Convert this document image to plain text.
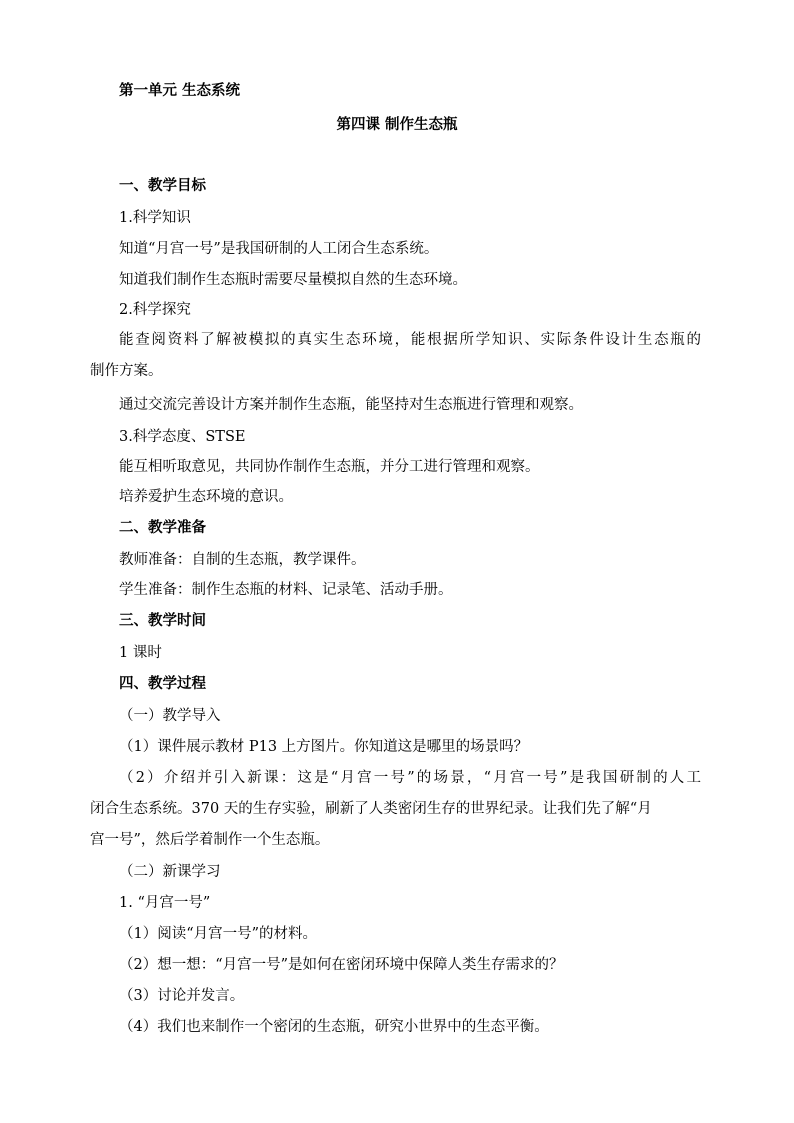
第一单元 生态系统
第四课 制作生态瓶
一、教学目标
1.科学知识
知道“月宫一号”是我国研制的人工闭合生态系统。
知道我们制作生态瓶时需要尽量模拟自然的生态环境。
2.科学探究
能查阅资料了解被模拟的真实生态环境，能根据所学知识、实际条件设计生态瓶的
制作方案。
通过交流完善设计方案并制作生态瓶，能坚持对生态瓶进行管理和观察。
3.科学态度、STSE
能互相听取意见，共同协作制作生态瓶，并分工进行管理和观察。
培养爱护生态环境的意识。
二、教学准备
教师准备：自制的生态瓶，教学课件。
学生准备：制作生态瓶的材料、记录笔、活动手册。
三、教学时间
1 课时
四、教学过程
（一）教学导入
（1）课件展示教材 P13 上方图片。你知道这是哪里的场景吗？
（2）介绍并引入新课：这是“月宫一号”的场景，“月宫一号”是我国研制的人工
闭合生态系统。370 天的生存实验，刷新了人类密闭生存的世界纪录。让我们先了解“月
宫一号”，然后学着制作一个生态瓶。
（二）新课学习
1. “月宫一号”
（1）阅读“月宫一号”的材料。
（2）想一想：“月宫一号”是如何在密闭环境中保障人类生存需求的？
（3）讨论并发言。
（4）我们也来制作一个密闭的生态瓶，研究小世界中的生态平衡。
